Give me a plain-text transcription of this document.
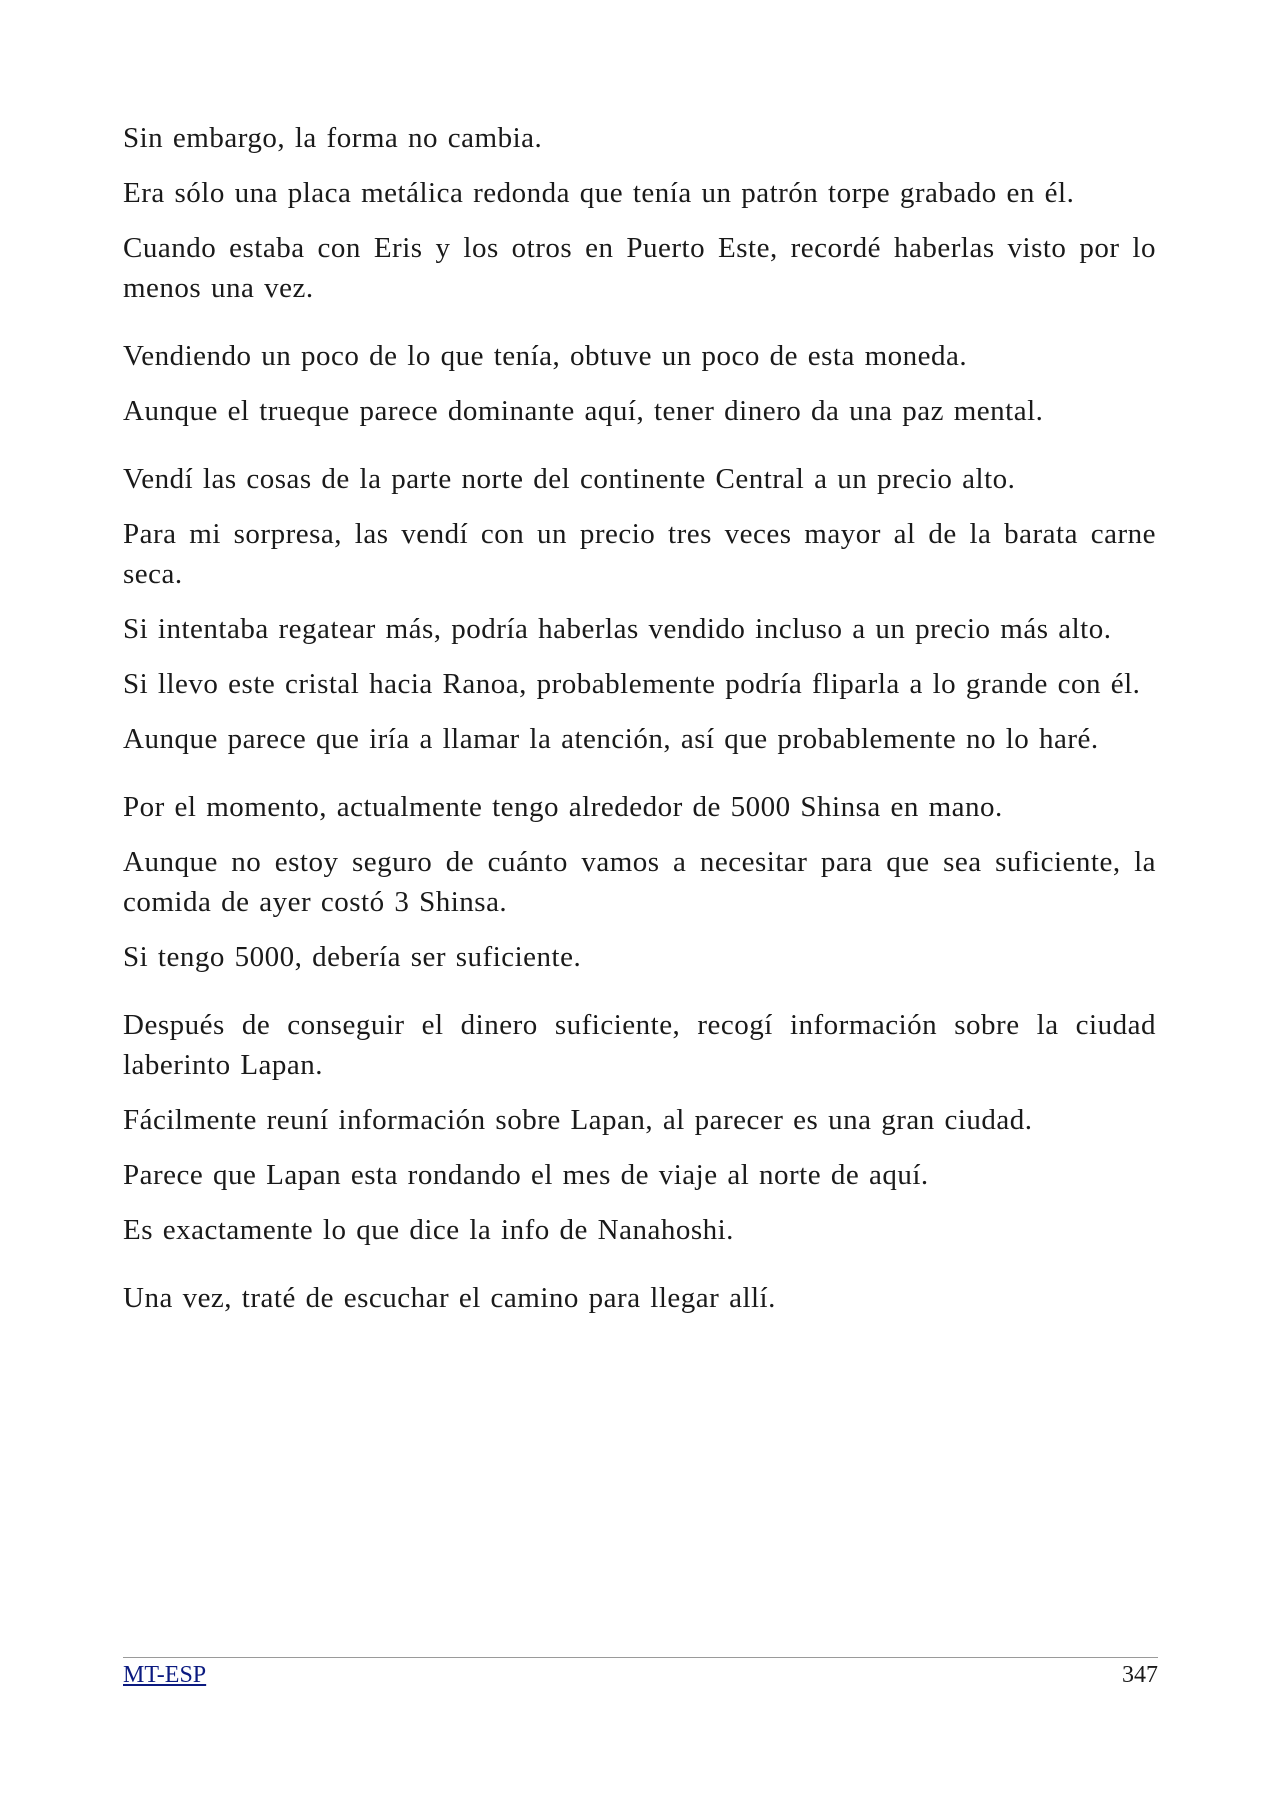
Sin embargo, la forma no cambia.

Era sólo una placa metálica redonda que tenía un patrón torpe grabado en él.

Cuando estaba con Eris y los otros en Puerto Este, recordé haberlas visto por lo menos una vez.

Vendiendo un poco de lo que tenía, obtuve un poco de esta moneda.

Aunque el trueque parece dominante aquí, tener dinero da una paz mental.

Vendí las cosas de la parte norte del continente Central a un precio alto.

Para mi sorpresa, las vendí con un precio tres veces mayor al de la barata carne seca.

Si intentaba regatear más, podría haberlas vendido incluso a un precio más alto.

Si llevo este cristal hacia Ranoa, probablemente podría fliparla a lo grande con él.

Aunque parece que iría a llamar la atención, así que probablemente no lo haré.

Por el momento, actualmente tengo alrededor de 5000 Shinsa en mano.

Aunque no estoy seguro de cuánto vamos a necesitar para que sea suficiente, la comida de ayer costó 3 Shinsa.

Si tengo 5000, debería ser suficiente.

Después de conseguir el dinero suficiente, recogí información sobre la ciudad laberinto Lapan.

Fácilmente reuní información sobre Lapan, al parecer es una gran ciudad.

Parece que Lapan esta rondando el mes de viaje al norte de aquí.

Es exactamente lo que dice la info de Nanahoshi.

Una vez, traté de escuchar el camino para llegar allí.

MT-ESP	347
